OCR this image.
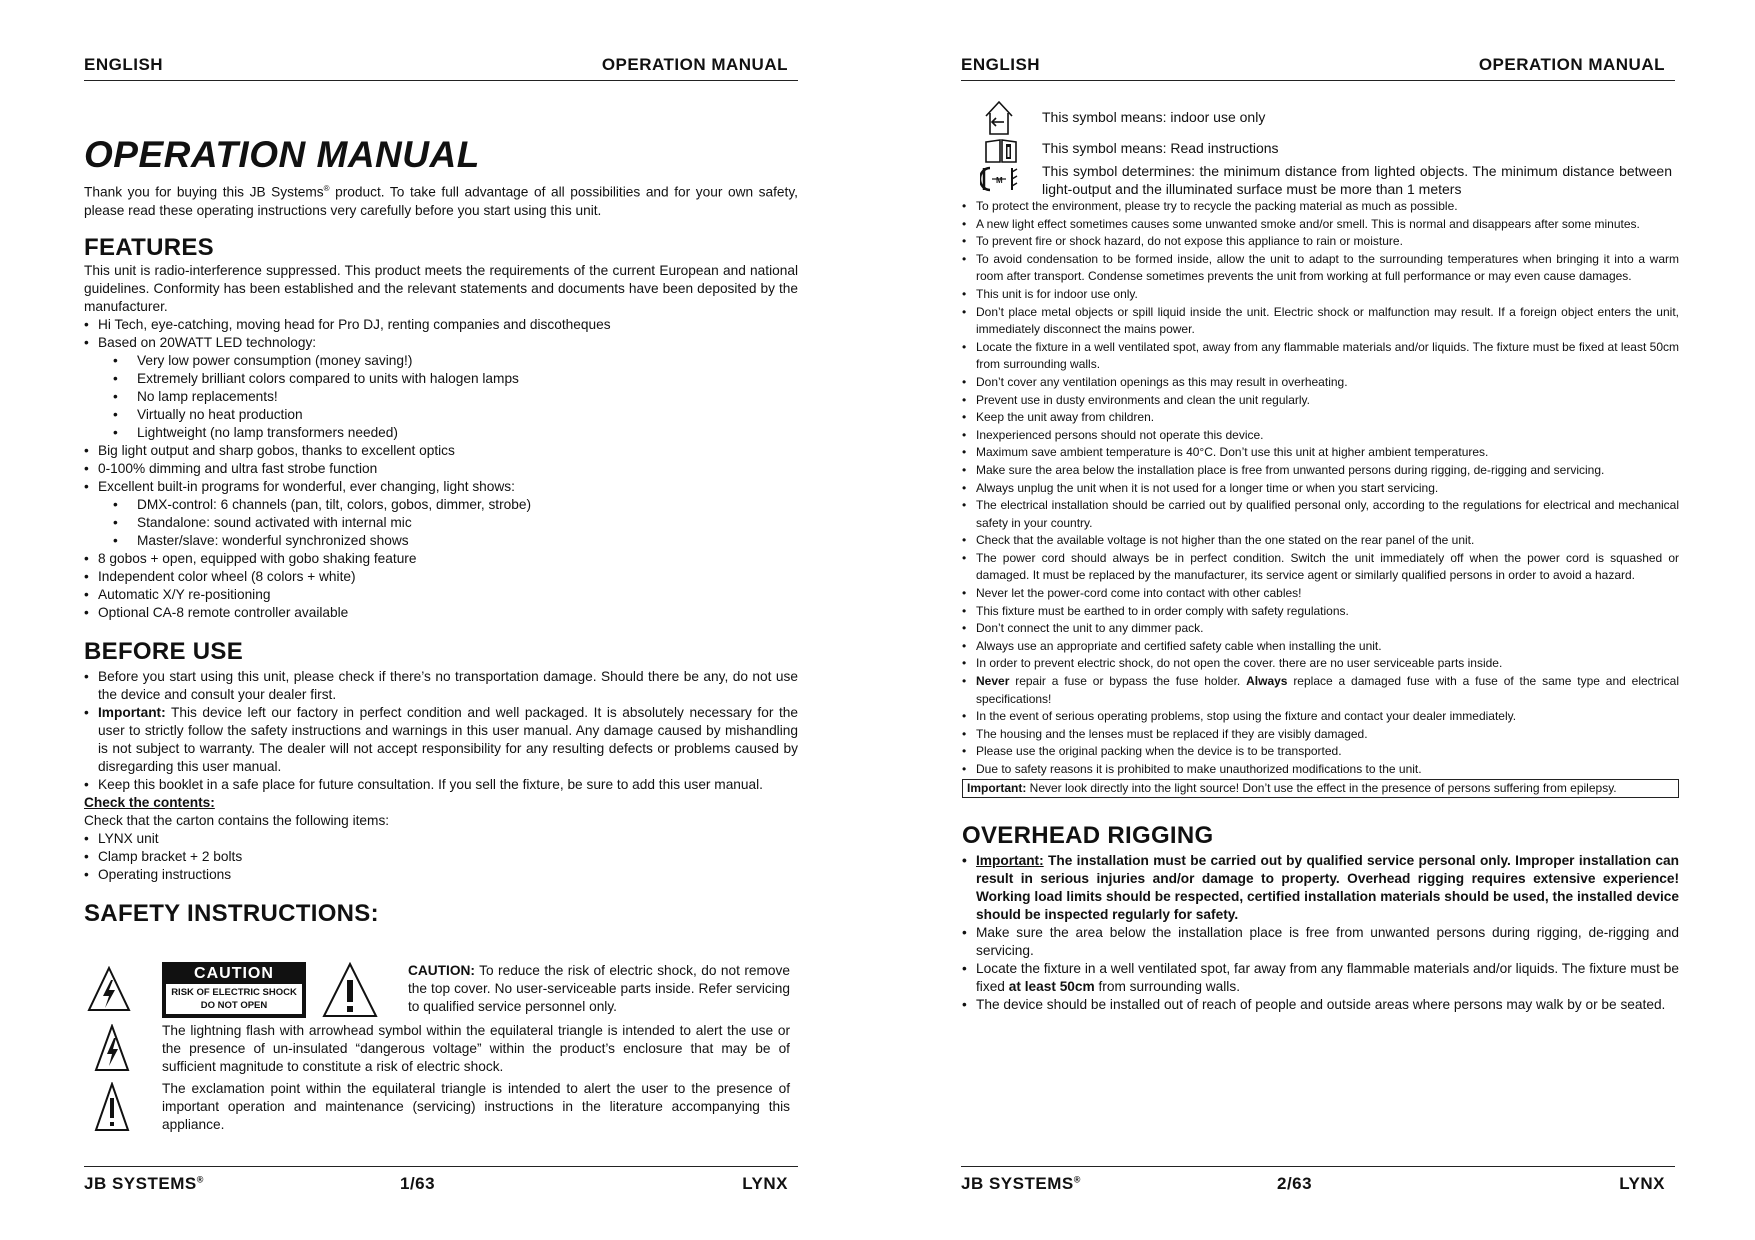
ENGLISH	OPERATION MANUAL
OPERATION MANUAL

Thank you for buying this JB Systems® product. To take full advantage of all possibilities and for your own safety, please read these operating instructions very carefully before you start using this unit.

FEATURES

This unit is radio-interference suppressed. This product meets the requirements of the current European and national guidelines. Conformity has been established and the relevant statements and documents have been deposited by the manufacturer.

• Hi Tech, eye-catching, moving head for Pro DJ, renting companies and discotheques
• Based on 20WATT LED technology:
• Very low power consumption (money saving!)
• Extremely brilliant colors compared to units with halogen lamps
• No lamp replacements!
• Virtually no heat production
• Lightweight (no lamp transformers needed)
• Big light output and sharp gobos, thanks to excellent optics
• 0-100% dimming and ultra fast strobe function
• Excellent built-in programs for wonderful, ever changing, light shows:
• DMX-control: 6 channels (pan, tilt, colors, gobos, dimmer, strobe)
• Standalone: sound activated with internal mic
• Master/slave: wonderful synchronized shows
• 8 gobos + open, equipped with gobo shaking feature
• Independent color wheel (8 colors + white)
• Automatic X/Y re-positioning
• Optional CA-8 remote controller available
BEFORE USE
• Before you start using this unit, please check if there’s no transportation damage. Should there be any, do not use the device and consult your dealer first.
• Important: This device left our factory in perfect condition and well packaged. It is absolutely necessary for the user to strictly follow the safety instructions and warnings in this user manual. Any damage caused by mishandling is not subject to warranty. The dealer will not accept responsibility for any resulting defects or problems caused by disregarding this user manual.
• Keep this booklet in a safe place for future consultation. If you sell the fixture, be sure to add this user manual.

Check the contents:

Check that the carton contains the following items:

• LYNX unit
• Clamp bracket + 2 bolts
• Operating instructions
SAFETY INSTRUCTIONS:
CAUTION
RISK OF ELECTRIC SHOCK
DO NOT OPEN

CAUTION: To reduce the risk of electric shock, do not remove the top cover. No user-serviceable parts inside. Refer servicing to qualified service personnel only.

The lightning flash with arrowhead symbol within the equilateral triangle is intended to alert the use or the presence of un-insulated “dangerous voltage” within the product’s enclosure that may be of sufficient magnitude to constitute a risk of electric shock.

The exclamation point within the equilateral triangle is intended to alert the user to the presence of important operation and maintenance (servicing) instructions in the literature accompanying this appliance.

JB SYSTEMS®	1/63	LYNX
ENGLISH	OPERATION MANUAL
This symbol means: indoor use only
This symbol means: Read instructions
M

This symbol determines: the minimum distance from lighted objects. The minimum distance between light-output and the illuminated surface must be more than 1 meters

• To protect the environment, please try to recycle the packing material as much as possible.
• A new light effect sometimes causes some unwanted smoke and/or smell. This is normal and disappears after some minutes.
• To prevent fire or shock hazard, do not expose this appliance to rain or moisture.
• To avoid condensation to be formed inside, allow the unit to adapt to the surrounding temperatures when bringing it into a warm room after transport. Condense sometimes prevents the unit from working at full performance or may even cause damages.
• This unit is for indoor use only.
• Don’t place metal objects or spill liquid inside the unit. Electric shock or malfunction may result. If a foreign object enters the unit, immediately disconnect the mains power.
• Locate the fixture in a well ventilated spot, away from any flammable materials and/or liquids. The fixture must be fixed at least 50cm from surrounding walls.
• Don’t cover any ventilation openings as this may result in overheating.
• Prevent use in dusty environments and clean the unit regularly.
• Keep the unit away from children.
• Inexperienced persons should not operate this device.
• Maximum save ambient temperature is 40°C. Don’t use this unit at higher ambient temperatures.
• Make sure the area below the installation place is free from unwanted persons during rigging, de-rigging and servicing.
• Always unplug the unit when it is not used for a longer time or when you start servicing.
• The electrical installation should be carried out by qualified personal only, according to the regulations for electrical and mechanical safety in your country.
• Check that the available voltage is not higher than the one stated on the rear panel of the unit.
• The power cord should always be in perfect condition. Switch the unit immediately off when the power cord is squashed or damaged. It must be replaced by the manufacturer, its service agent or similarly qualified persons in order to avoid a hazard.
• Never let the power-cord come into contact with other cables!
• This fixture must be earthed to in order comply with safety regulations.
• Don’t connect the unit to any dimmer pack.
• Always use an appropriate and certified safety cable when installing the unit.
• In order to prevent electric shock, do not open the cover. there are no user serviceable parts inside.
• Never repair a fuse or bypass the fuse holder. Always replace a damaged fuse with a fuse of the same type and electrical specifications!
• In the event of serious operating problems, stop using the fixture and contact your dealer immediately.
• The housing and the lenses must be replaced if they are visibly damaged.
• Please use the original packing when the device is to be transported.
• Due to safety reasons it is prohibited to make unauthorized modifications to the unit.
Important: Never look directly into the light source! Don’t use the effect in the presence of persons suffering from epilepsy.
OVERHEAD RIGGING
• Important: The installation must be carried out by qualified service personal only. Improper installation can result in serious injuries and/or damage to property. Overhead rigging requires extensive experience! Working load limits should be respected, certified installation materials should be used, the installed device should be inspected regularly for safety.
• Make sure the area below the installation place is free from unwanted persons during rigging, de-rigging and servicing.
• Locate the fixture in a well ventilated spot, far away from any flammable materials and/or liquids. The fixture must be fixed at least 50cm from surrounding walls.
• The device should be installed out of reach of people and outside areas where persons may walk by or be seated.
JB SYSTEMS®	2/63	LYNX
